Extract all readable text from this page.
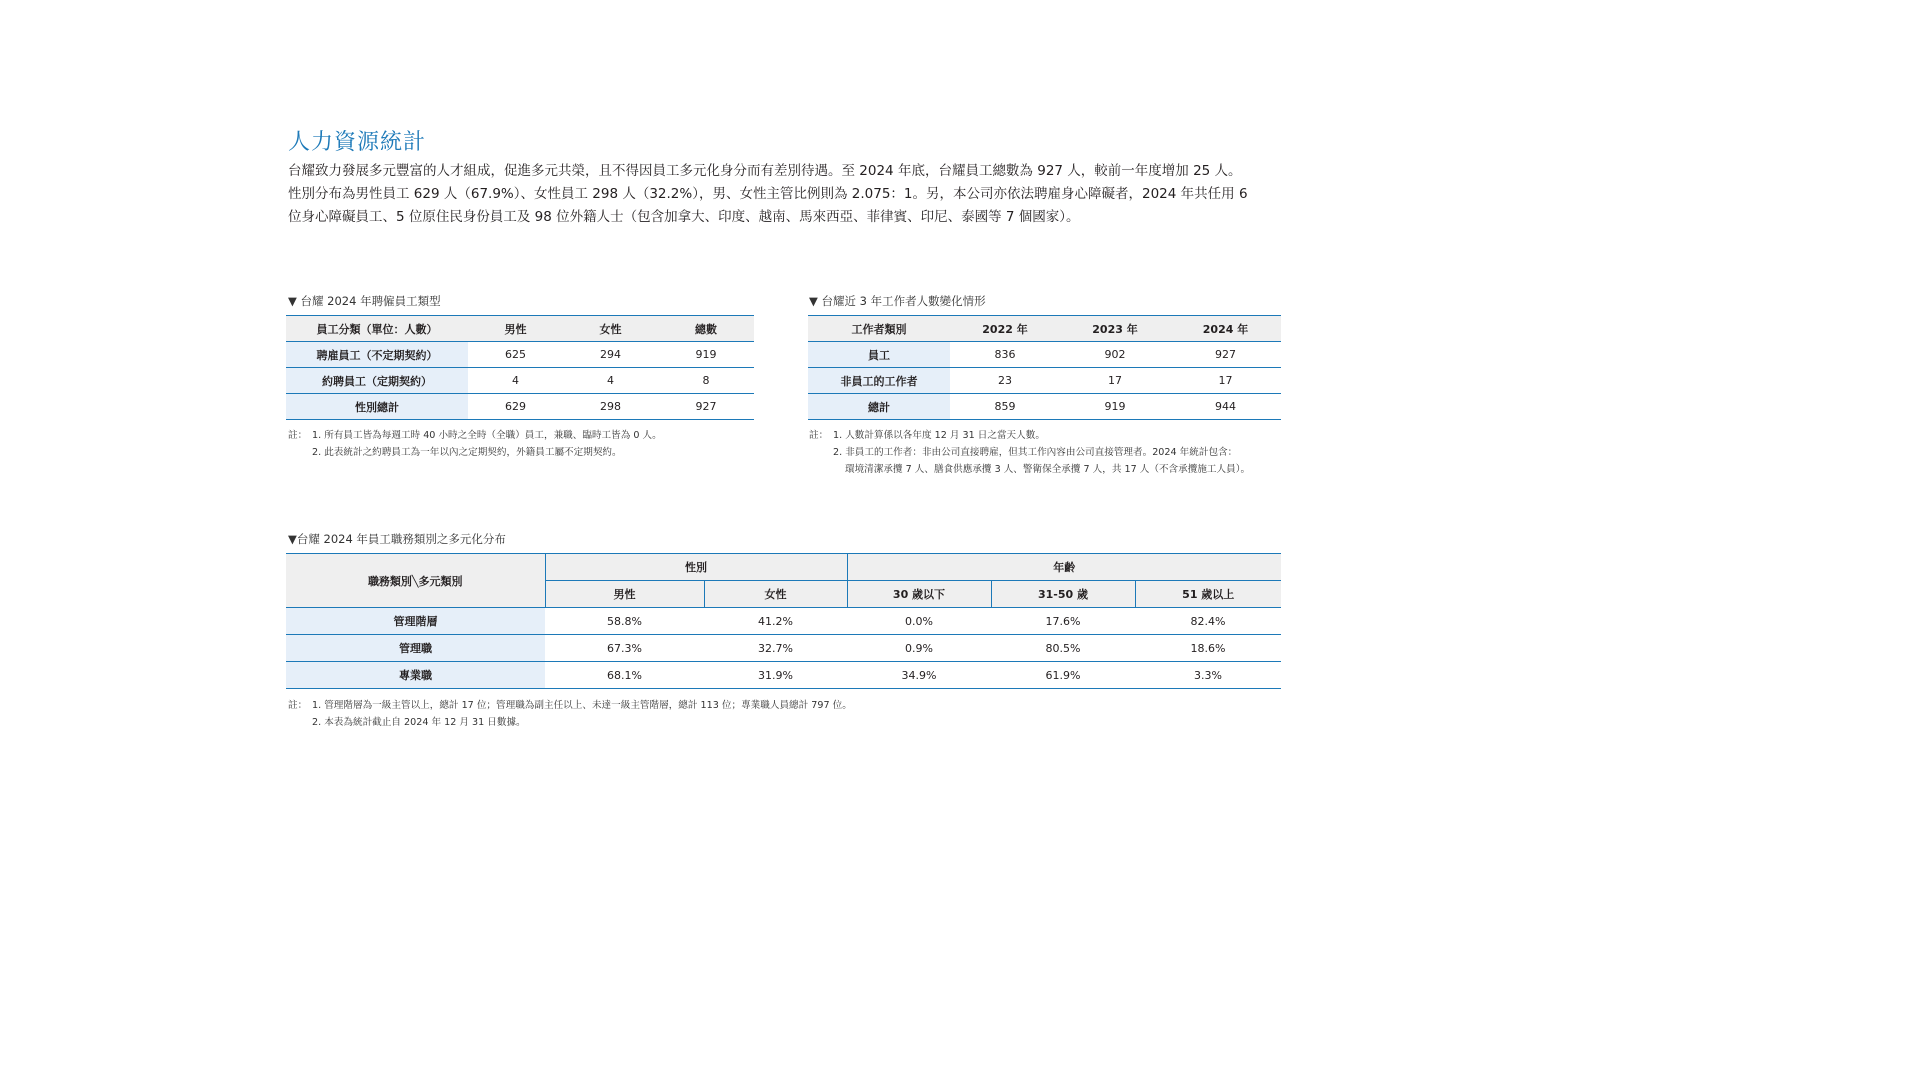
人力資源統計
台耀致力發展多元豐富的人才組成，促進多元共榮，且不得因員工多元化身分而有差別待遇。至 2024 年底，台耀員工總數為 927 人，較前一年度增加 25 人。
性別分布為男性員工 629 人（67.9%）、女性員工 298 人（32.2%），男、女性主管比例則為 2.075：1。另，本公司亦依法聘雇身心障礙者，2024 年共任用 6
位身心障礙員工、5 位原住民身份員工及 98 位外籍人士（包含加拿大、印度、越南、馬來西亞、菲律賓、印尼、泰國等 7 個國家）。
▼ 台耀 2024 年聘僱員工類型
員工分類（單位：人數）	男性	女性	總數
聘雇員工（不定期契約）	625	294	919
約聘員工（定期契約）	4	4	8
性別總計	629	298	927
註： 1. 所有員工皆為每週工時 40 小時之全時（全職）員工，兼職、臨時工皆為 0 人。
2. 此表統計之約聘員工為一年以內之定期契約，外籍員工屬不定期契約。
▼ 台耀近 3 年工作者人數變化情形
工作者類別	2022 年	2023 年	2024 年
員工	836	902	927
非員工的工作者	23	17	17
總計	859	919	944
註： 1. 人數計算係以各年度 12 月 31 日之當天人數。
2. 非員工的工作者：非由公司直接聘雇，但其工作內容由公司直接管理者。2024 年統計包含：
環境清潔承攬 7 人、膳食供應承攬 3 人、警衛保全承攬 7 人，共 17 人（不含承攬施工人員）。
▼台耀 2024 年員工職務類別之多元化分布
職務類別╲多元類別	性別		年齡		
	男性	女性	30 歲以下	31-50 歲	51 歲以上
管理階層	58.8%	41.2%	0.0%	17.6%	82.4%
管理職	67.3%	32.7%	0.9%	80.5%	18.6%
專業職	68.1%	31.9%	34.9%	61.9%	3.3%
註： 1. 管理階層為一級主管以上，總計 17 位；管理職為副主任以上、未達一級主管階層，總計 113 位；專業職人員總計 797 位。
2. 本表為統計截止自 2024 年 12 月 31 日數據。
